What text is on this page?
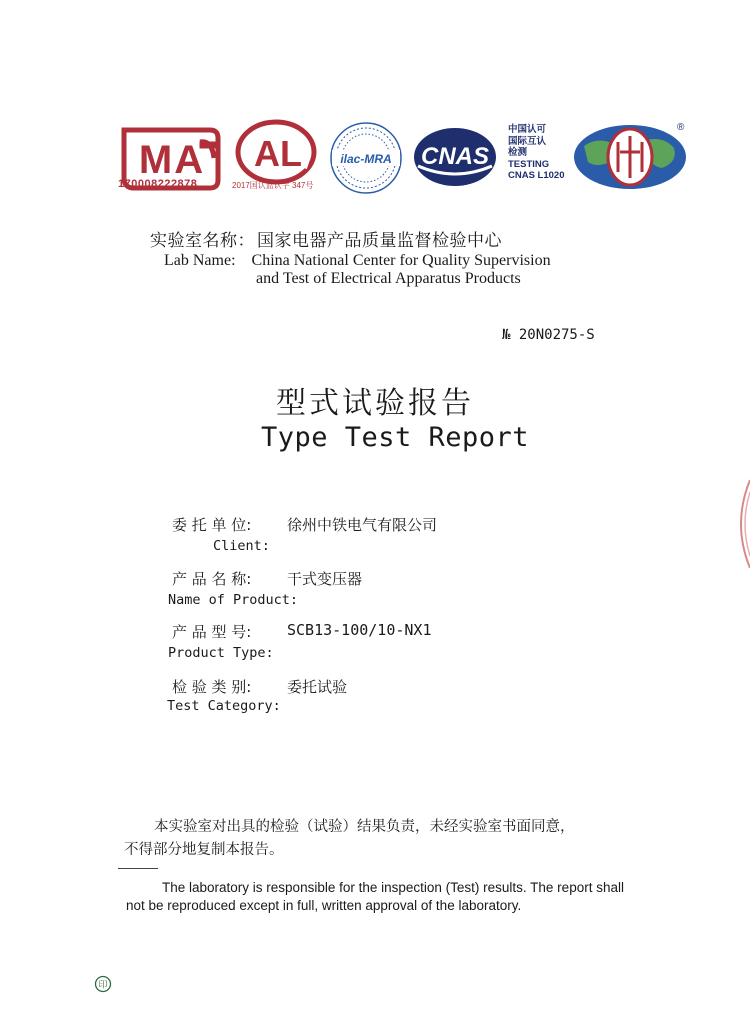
MA AL	ilac-MRA CNAS
170008222878	2017国认监认字 347号
中国认可
国际互认
检测
TESTING
CNAS L1020
®
实验室名称： 国家电器产品质量监督检验中心
Lab Name: China National Center for Quality Supervision
and Test of Electrical Apparatus Products
№ 20N0275-S
型式试验报告
Type Test Report
委 托 单 位: 徐州中铁电气有限公司
Client:
产 品 名 称: 干式变压器
Name of Product:
产 品 型 号: SCB13-100/10-NX1
Product Type:
检 验 类 别: 委托试验
Test Category:
本实验室对出具的检验（试验）结果负责，未经实验室书面同意，
不得部分地复制本报告。
The laboratory is responsible for the inspection (Test) results. The report shall
not be reproduced except in full, written approval of the laboratory.
印
